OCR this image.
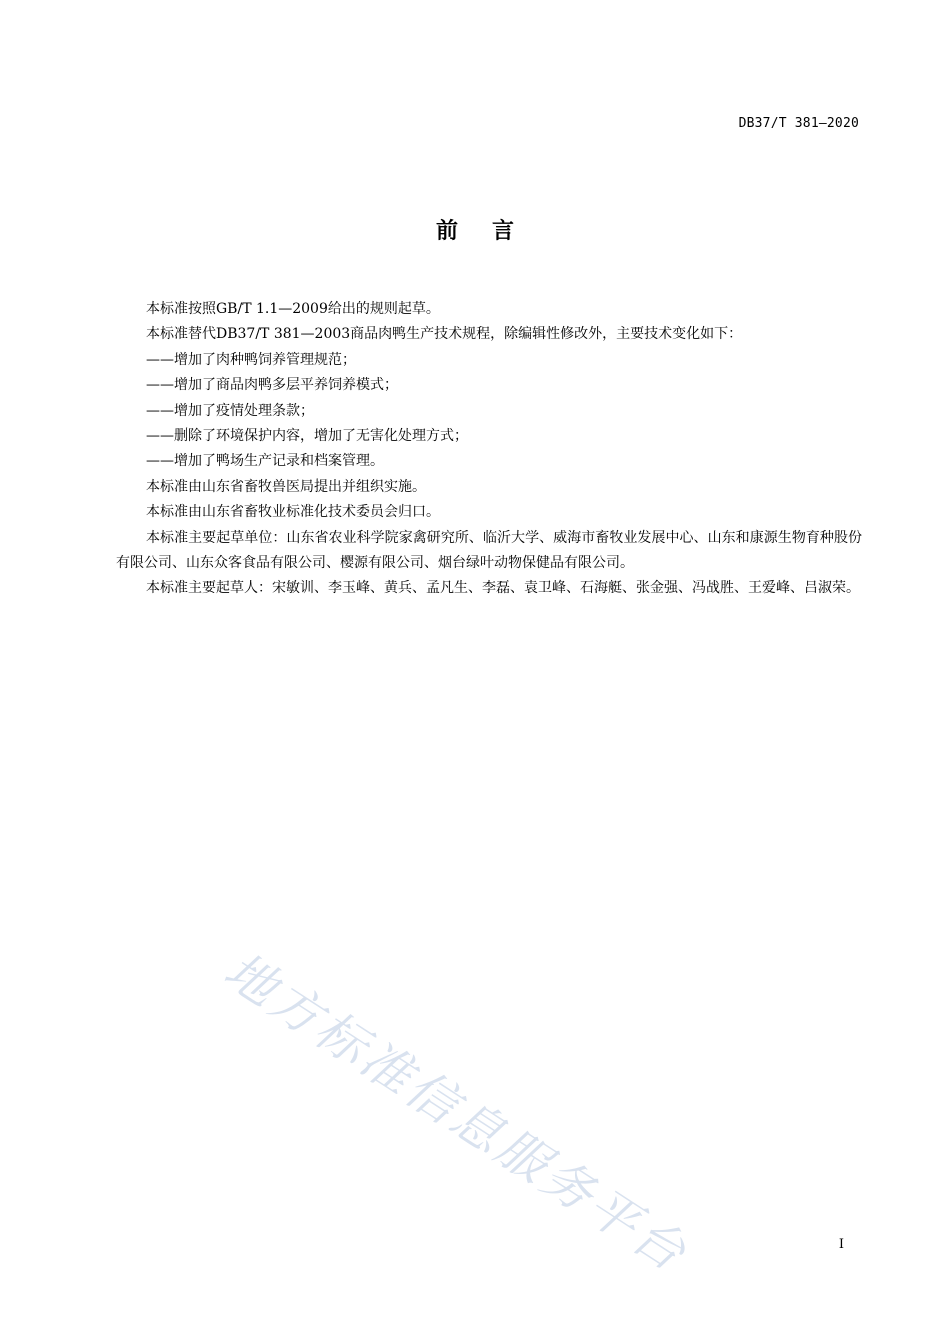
DB37/T 381—2020
前 言

本标准按照GB/T 1.1—2009给出的规则起草。

本标准替代DB37/T 381—2003商品肉鸭生产技术规程，除编辑性修改外，主要技术变化如下：

——增加了肉种鸭饲养管理规范；

——增加了商品肉鸭多层平养饲养模式；

——增加了疫情处理条款；

——删除了环境保护内容，增加了无害化处理方式；

——增加了鸭场生产记录和档案管理。

本标准由山东省畜牧兽医局提出并组织实施。

本标准由山东省畜牧业标准化技术委员会归口。

本标准主要起草单位：山东省农业科学院家禽研究所、临沂大学、威海市畜牧业发展中心、山东和康源生物育种股份有限公司、山东众客食品有限公司、樱源有限公司、烟台绿叶动物保健品有限公司。

本标准主要起草人：宋敏训、李玉峰、黄兵、孟凡生、李磊、袁卫峰、石海艇、张金强、冯战胜、王爱峰、吕淑荣。

地方标准信息服务平台	I
